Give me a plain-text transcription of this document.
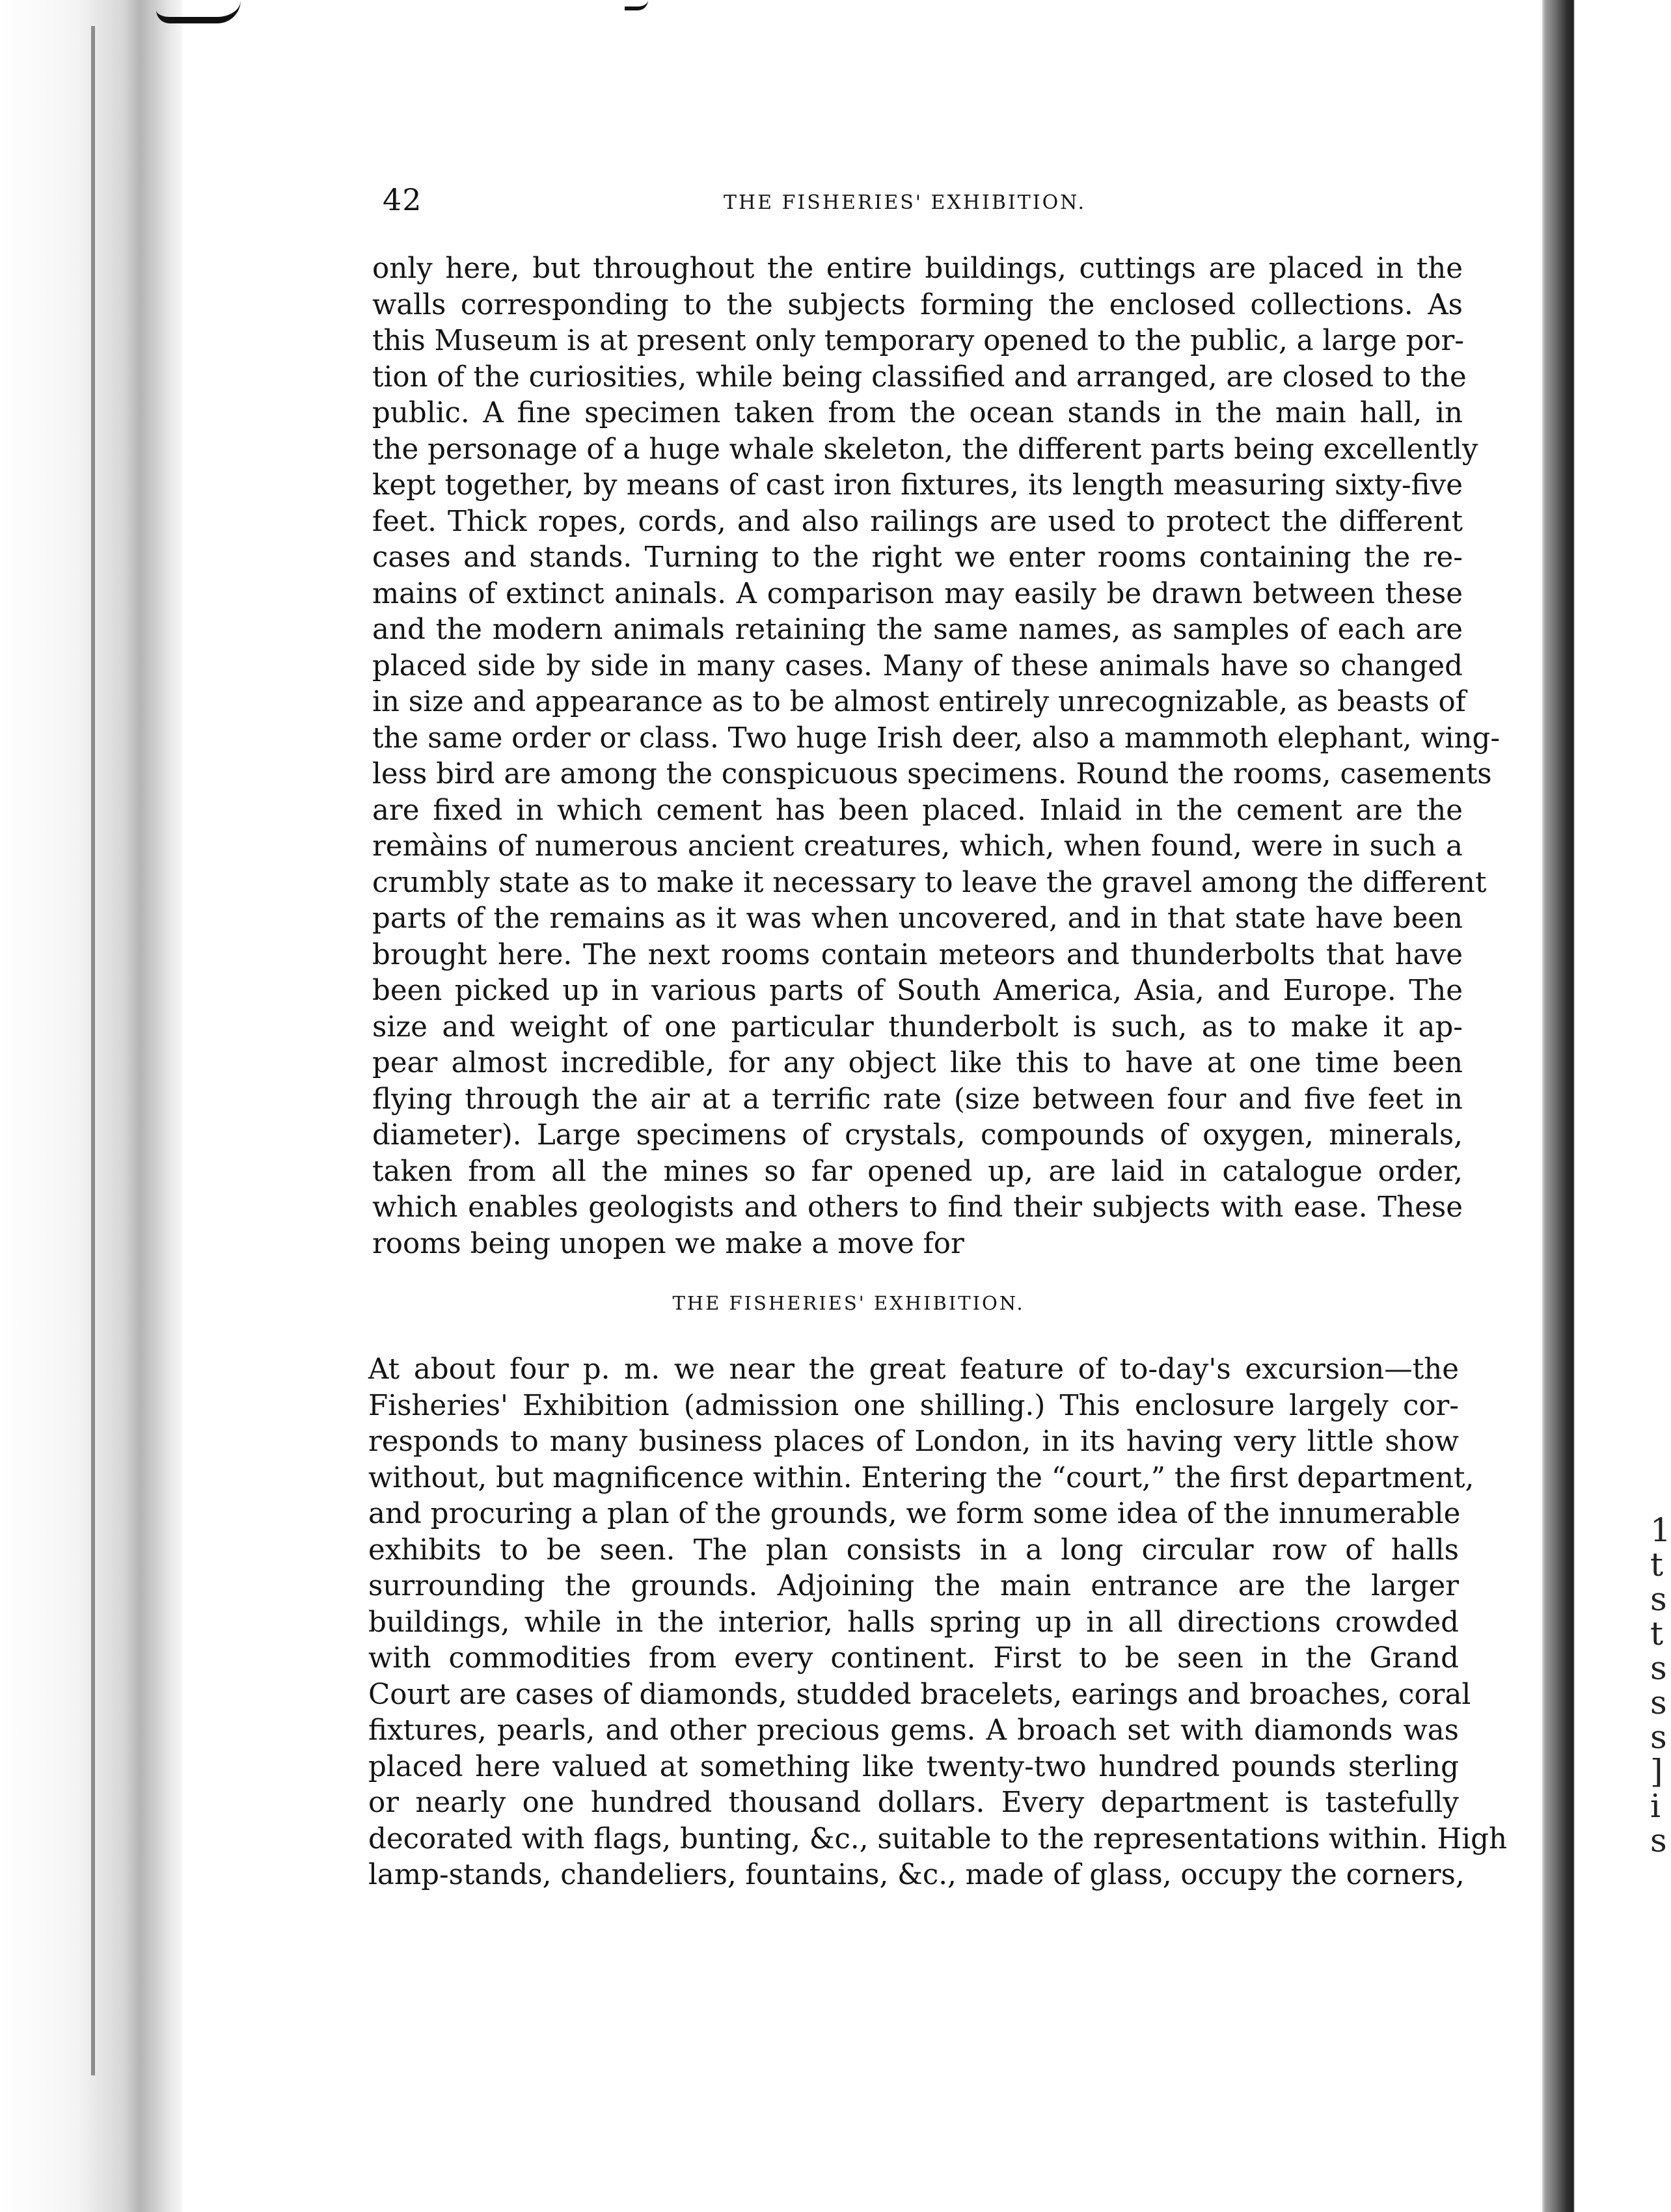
1
t
s
t
s
s
s
]
i
s
42	THE FISHERIES' EXHIBITION.
only here, but throughout the entire buildings, cuttings are placed in the
walls corresponding to the subjects forming the enclosed collections. As
this Museum is at present only temporary opened to the public, a large por-
tion of the curiosities, while being classified and arranged, are closed to the
public. A fine specimen taken from the ocean stands in the main hall, in
the personage of a huge whale skeleton, the different parts being excellently
kept together, by means of cast iron fixtures, its length measuring sixty-five
feet. Thick ropes, cords, and also railings are used to protect the different
cases and stands. Turning to the right we enter rooms containing the re-
mains of extinct aninals. A comparison may easily be drawn between these
and the modern animals retaining the same names, as samples of each are
placed side by side in many cases. Many of these animals have so changed
in size and appearance as to be almost entirely unrecognizable, as beasts of
the same order or class. Two huge Irish deer, also a mammoth elephant, wing-
less bird are among the conspicuous specimens. Round the rooms, casements
are fixed in which cement has been placed. Inlaid in the cement are the
remàins of numerous ancient creatures, which, when found, were in such a
crumbly state as to make it necessary to leave the gravel among the different
parts of the remains as it was when uncovered, and in that state have been
brought here. The next rooms contain meteors and thunderbolts that have
been picked up in various parts of South America, Asia, and Europe. The
size and weight of one particular thunderbolt is such, as to make it ap-
pear almost incredible, for any object like this to have at one time been
flying through the air at a terrific rate (size between four and five feet in
diameter). Large specimens of crystals, compounds of oxygen, minerals,
taken from all the mines so far opened up, are laid in catalogue order,
which enables geologists and others to find their subjects with ease. These
rooms being unopen we make a move for
THE FISHERIES' EXHIBITION.
At about four p. m. we near the great feature of to-day's excursion—the
Fisheries' Exhibition (admission one shilling.) This enclosure largely cor-
responds to many business places of London, in its having very little show
without, but magnificence within. Entering the “court,” the first department,
and procuring a plan of the grounds, we form some idea of the innumerable
exhibits to be seen. The plan consists in a long circular row of halls
surrounding the grounds. Adjoining the main entrance are the larger
buildings, while in the interior, halls spring up in all directions crowded
with commodities from every continent. First to be seen in the Grand
Court are cases of diamonds, studded bracelets, earings and broaches, coral
fixtures, pearls, and other precious gems. A broach set with diamonds was
placed here valued at something like twenty-two hundred pounds sterling
or nearly one hundred thousand dollars. Every department is tastefully
decorated with flags, bunting, &c., suitable to the representations within. High
lamp-stands, chandeliers, fountains, &c., made of glass, occupy the corners,
